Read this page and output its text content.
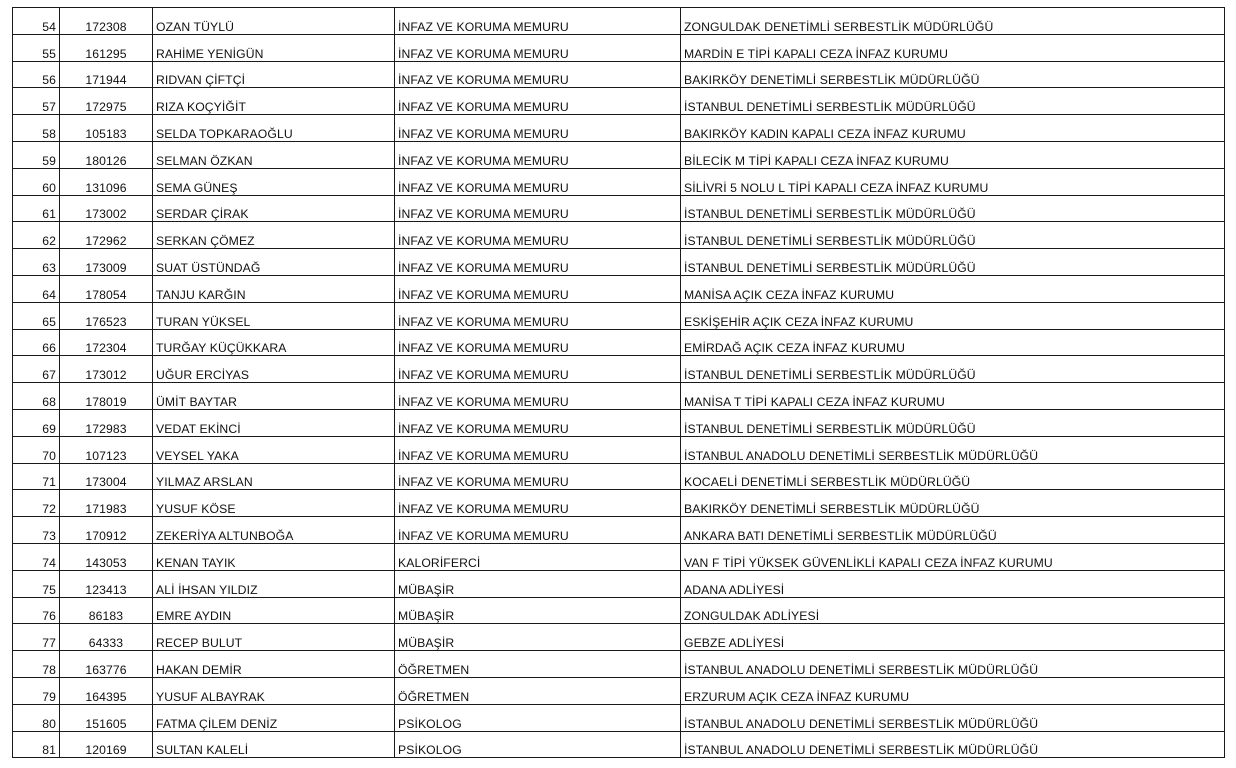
54	172308	OZAN TÜYLÜ	İNFAZ VE KORUMA MEMURU	ZONGULDAK DENETİMLİ SERBESTLİK MÜDÜRLÜĞÜ
55	161295	RAHİME YENİGÜN	İNFAZ VE KORUMA MEMURU	MARDİN E TİPİ KAPALI CEZA İNFAZ KURUMU
56	171944	RIDVAN ÇİFTÇİ	İNFAZ VE KORUMA MEMURU	BAKIRKÖY DENETİMLİ SERBESTLİK MÜDÜRLÜĞÜ
57	172975	RIZA KOÇYİĞİT	İNFAZ VE KORUMA MEMURU	İSTANBUL DENETİMLİ SERBESTLİK MÜDÜRLÜĞÜ
58	105183	SELDA TOPKARAOĞLU	İNFAZ VE KORUMA MEMURU	BAKIRKÖY KADIN KAPALI CEZA İNFAZ KURUMU
59	180126	SELMAN ÖZKAN	İNFAZ VE KORUMA MEMURU	BİLECİK M TİPİ KAPALI CEZA İNFAZ KURUMU
60	131096	SEMA GÜNEŞ	İNFAZ VE KORUMA MEMURU	SİLİVRİ 5 NOLU L TİPİ KAPALI CEZA İNFAZ KURUMU
61	173002	SERDAR ÇİRAK	İNFAZ VE KORUMA MEMURU	İSTANBUL DENETİMLİ SERBESTLİK MÜDÜRLÜĞÜ
62	172962	SERKAN ÇÖMEZ	İNFAZ VE KORUMA MEMURU	İSTANBUL DENETİMLİ SERBESTLİK MÜDÜRLÜĞÜ
63	173009	SUAT ÜSTÜNDAĞ	İNFAZ VE KORUMA MEMURU	İSTANBUL DENETİMLİ SERBESTLİK MÜDÜRLÜĞÜ
64	178054	TANJU KARĞIN	İNFAZ VE KORUMA MEMURU	MANİSA AÇIK CEZA İNFAZ KURUMU
65	176523	TURAN YÜKSEL	İNFAZ VE KORUMA MEMURU	ESKİŞEHİR AÇIK CEZA İNFAZ KURUMU
66	172304	TURĞAY KÜÇÜKKARA	İNFAZ VE KORUMA MEMURU	EMİRDAĞ AÇIK CEZA İNFAZ KURUMU
67	173012	UĞUR ERCİYAS	İNFAZ VE KORUMA MEMURU	İSTANBUL DENETİMLİ SERBESTLİK MÜDÜRLÜĞÜ
68	178019	ÜMİT BAYTAR	İNFAZ VE KORUMA MEMURU	MANİSA T TİPİ KAPALI CEZA İNFAZ KURUMU
69	172983	VEDAT EKİNCİ	İNFAZ VE KORUMA MEMURU	İSTANBUL DENETİMLİ SERBESTLİK MÜDÜRLÜĞÜ
70	107123	VEYSEL YAKA	İNFAZ VE KORUMA MEMURU	İSTANBUL ANADOLU DENETİMLİ SERBESTLİK MÜDÜRLÜĞÜ
71	173004	YILMAZ ARSLAN	İNFAZ VE KORUMA MEMURU	KOCAELİ DENETİMLİ SERBESTLİK MÜDÜRLÜĞÜ
72	171983	YUSUF KÖSE	İNFAZ VE KORUMA MEMURU	BAKIRKÖY DENETİMLİ SERBESTLİK MÜDÜRLÜĞÜ
73	170912	ZEKERİYA ALTUNBOĞA	İNFAZ VE KORUMA MEMURU	ANKARA BATI DENETİMLİ SERBESTLİK MÜDÜRLÜĞÜ
74	143053	KENAN TAYIK	KALORİFERCİ	VAN F TİPİ YÜKSEK GÜVENLİKLİ KAPALI CEZA İNFAZ KURUMU
75	123413	ALİ İHSAN YILDIZ	MÜBAŞİR	ADANA ADLİYESİ
76	86183	EMRE AYDIN	MÜBAŞİR	ZONGULDAK ADLİYESİ
77	64333	RECEP BULUT	MÜBAŞİR	GEBZE ADLİYESİ
78	163776	HAKAN DEMİR	ÖĞRETMEN	İSTANBUL ANADOLU DENETİMLİ SERBESTLİK MÜDÜRLÜĞÜ
79	164395	YUSUF ALBAYRAK	ÖĞRETMEN	ERZURUM AÇIK CEZA İNFAZ KURUMU
80	151605	FATMA ÇİLEM DENİZ	PSİKOLOG	İSTANBUL ANADOLU DENETİMLİ SERBESTLİK MÜDÜRLÜĞÜ
81	120169	SULTAN KALELİ	PSİKOLOG	İSTANBUL ANADOLU DENETİMLİ SERBESTLİK MÜDÜRLÜĞÜ
